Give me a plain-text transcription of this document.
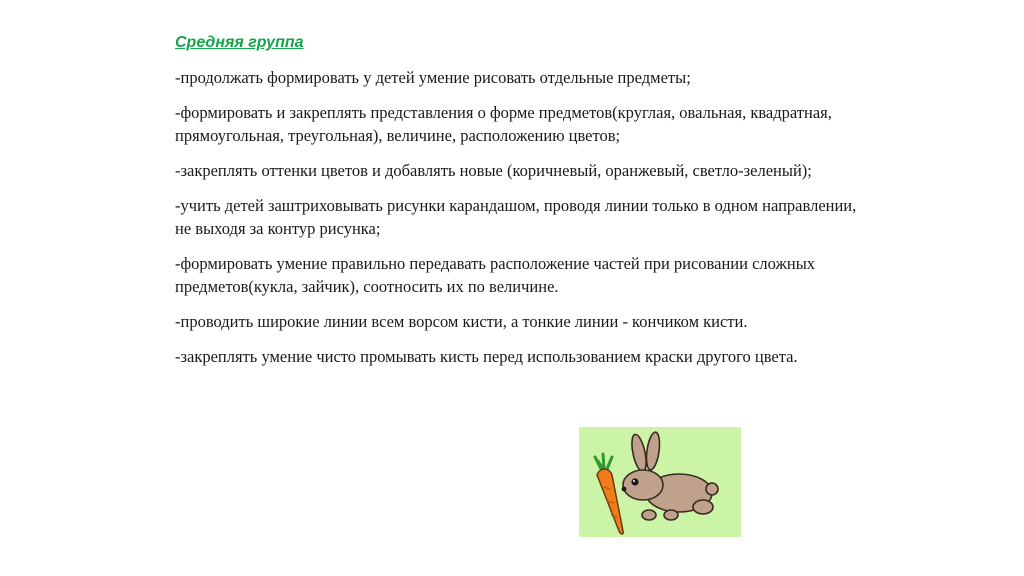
Средняя группа

-продолжать формировать у детей умение рисовать отдельные предметы;

-формировать и закреплять представления о форме предметов(круглая, овальная, квадратная, прямоугольная, треугольная), величине, расположению цветов;

-закреплять оттенки цветов и добавлять новые (коричневый, оранжевый, светло-зеленый);

-учить детей заштриховывать рисунки карандашом, проводя линии только в одном направлении, не выходя за контур рисунка;

-формировать умение правильно передавать расположение частей при рисовании сложных предметов(кукла, зайчик), соотносить их по величине.

-проводить широкие линии всем ворсом кисти, а тонкие линии - кончиком кисти.

-закреплять умение чисто промывать кисть перед использованием краски другого цвета.
